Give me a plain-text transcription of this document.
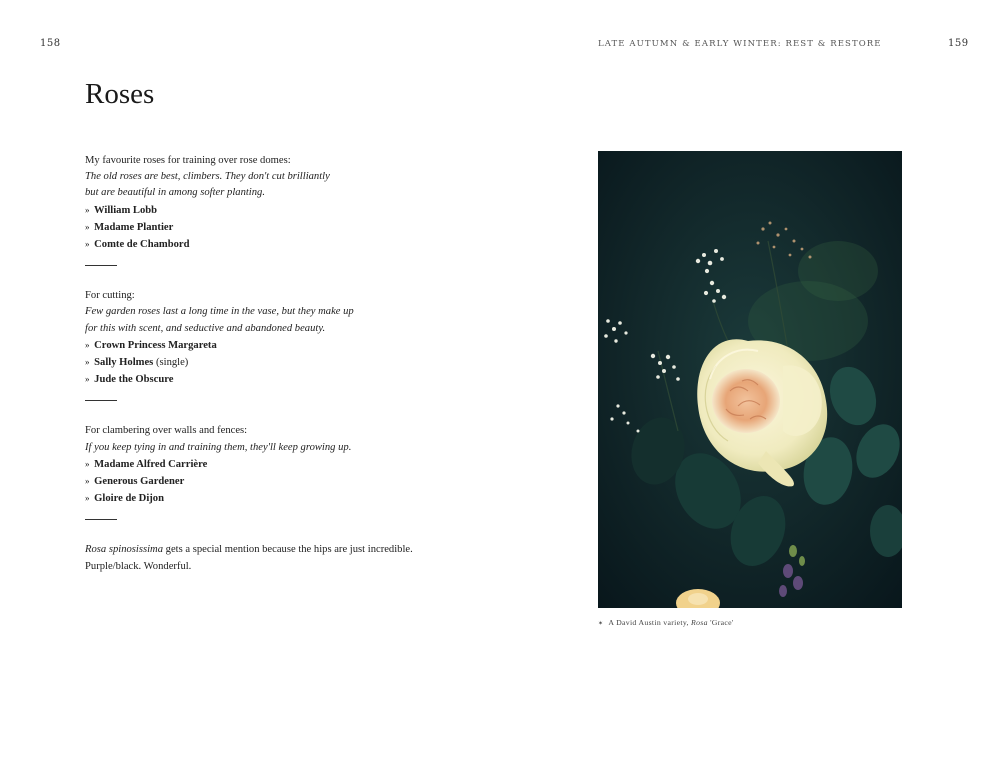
158	LATE AUTUMN & EARLY WINTER: REST & RESTORE	159
Roses
My favourite roses for training over rose domes:
The old roses are best, climbers. They don't cut brilliantly
but are beautiful in among softer planting.
» William Lobb
» Madame Plantier
» Comte de Chambord
For cutting:
Few garden roses last a long time in the vase, but they make up
for this with scent, and seductive and abandoned beauty.
» Crown Princess Margareta
» Sally Holmes (single)
» Jude the Obscure
For clambering over walls and fences:
If you keep tying in and training them, they'll keep growing up.
» Madame Alfred Carrière
» Generous Gardener
» Gloire de Dijon
Rosa spinosissima gets a special mention because the hips are just incredible.
Purple/black. Wonderful.
✶ A David Austin variety, Rosa 'Grace'
